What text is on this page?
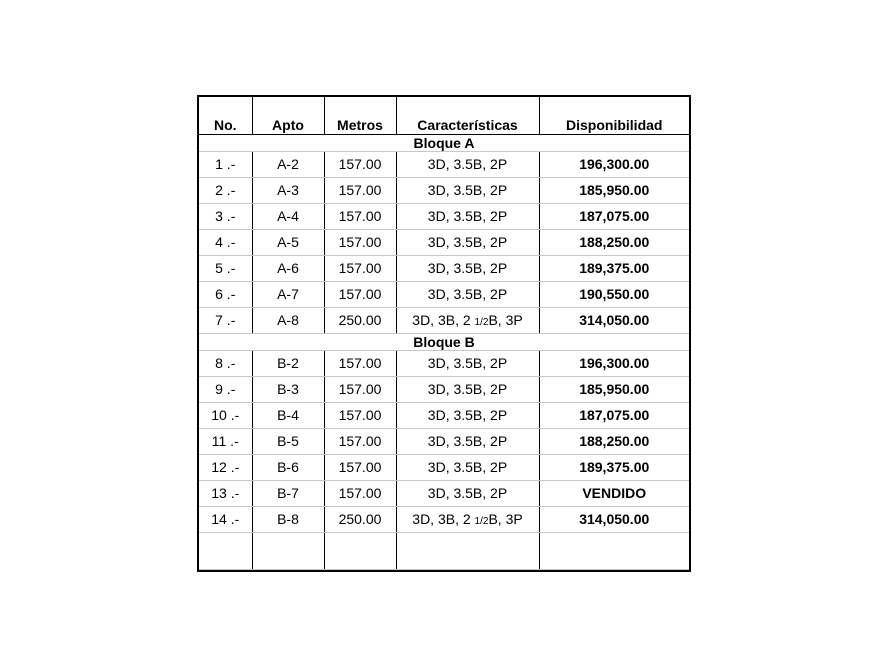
No.	Apto	Metros	Características	Disponibilidad
Bloque A				
1 .-	A-2	157.00	3D, 3.5B, 2P	196,300.00
2 .-	A-3	157.00	3D, 3.5B, 2P	185,950.00
3 .-	A-4	157.00	3D, 3.5B, 2P	187,075.00
4 .-	A-5	157.00	3D, 3.5B, 2P	188,250.00
5 .-	A-6	157.00	3D, 3.5B, 2P	189,375.00
6 .-	A-7	157.00	3D, 3.5B, 2P	190,550.00
7 .-	A-8	250.00	3D, 3B, 2 1/2B, 3P	314,050.00
Bloque B				
8 .-	B-2	157.00	3D, 3.5B, 2P	196,300.00
9 .-	B-3	157.00	3D, 3.5B, 2P	185,950.00
10 .-	B-4	157.00	3D, 3.5B, 2P	187,075.00
11 .-	B-5	157.00	3D, 3.5B, 2P	188,250.00
12 .-	B-6	157.00	3D, 3.5B, 2P	189,375.00
13 .-	B-7	157.00	3D, 3.5B, 2P	VENDIDO
14 .-	B-8	250.00	3D, 3B, 2 1/2B, 3P	314,050.00
